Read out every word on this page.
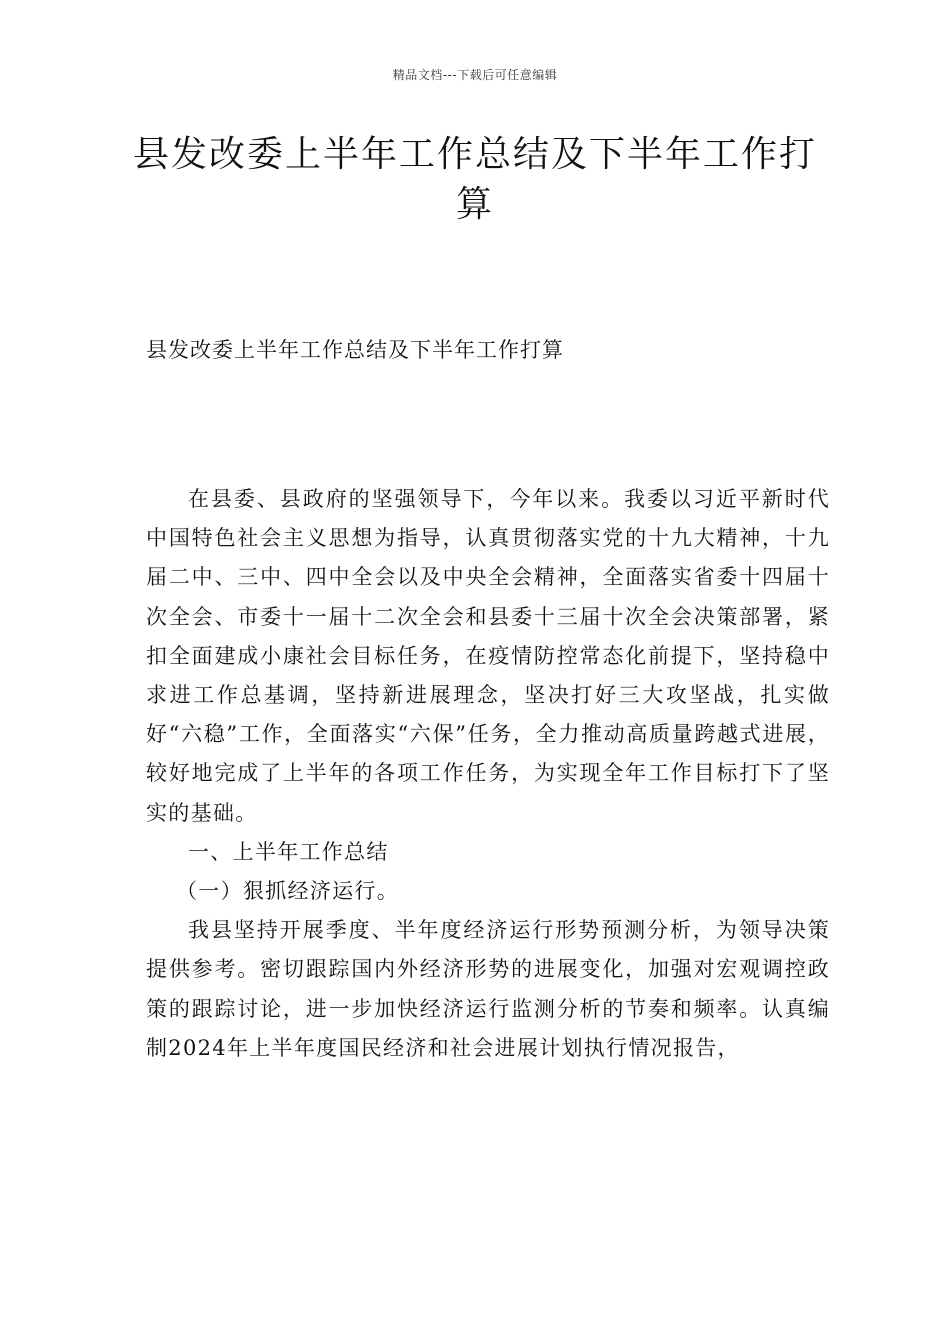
精品文档---下载后可任意编辑
县发改委上半年工作总结及下半年工作打算
县发改委上半年工作总结及下半年工作打算

在县委、县政府的坚强领导下，今年以来。我委以习近平新时代中国特色社会主义思想为指导，认真贯彻落实党的十九大精神，十九届二中、三中、四中全会以及中央全会精神，全面落实省委十四届十次全会、市委十一届十二次全会和县委十三届十次全会决策部署，紧扣全面建成小康社会目标任务，在疫情防控常态化前提下，坚持稳中求进工作总基调，坚持新进展理念，坚决打好三大攻坚战，扎实做好“六稳”工作，全面落实“六保”任务，全力推动高质量跨越式进展，较好地完成了上半年的各项工作任务，为实现全年工作目标打下了坚实的基础。

一、上半年工作总结

（一）狠抓经济运行。

我县坚持开展季度、半年度经济运行形势预测分析，为领导决策提供参考。密切跟踪国内外经济形势的进展变化，加强对宏观调控政策的跟踪讨论，进一步加快经济运行监测分析的节奏和频率。认真编制2024年上半年度国民经济和社会进展计划执行情况报告，
